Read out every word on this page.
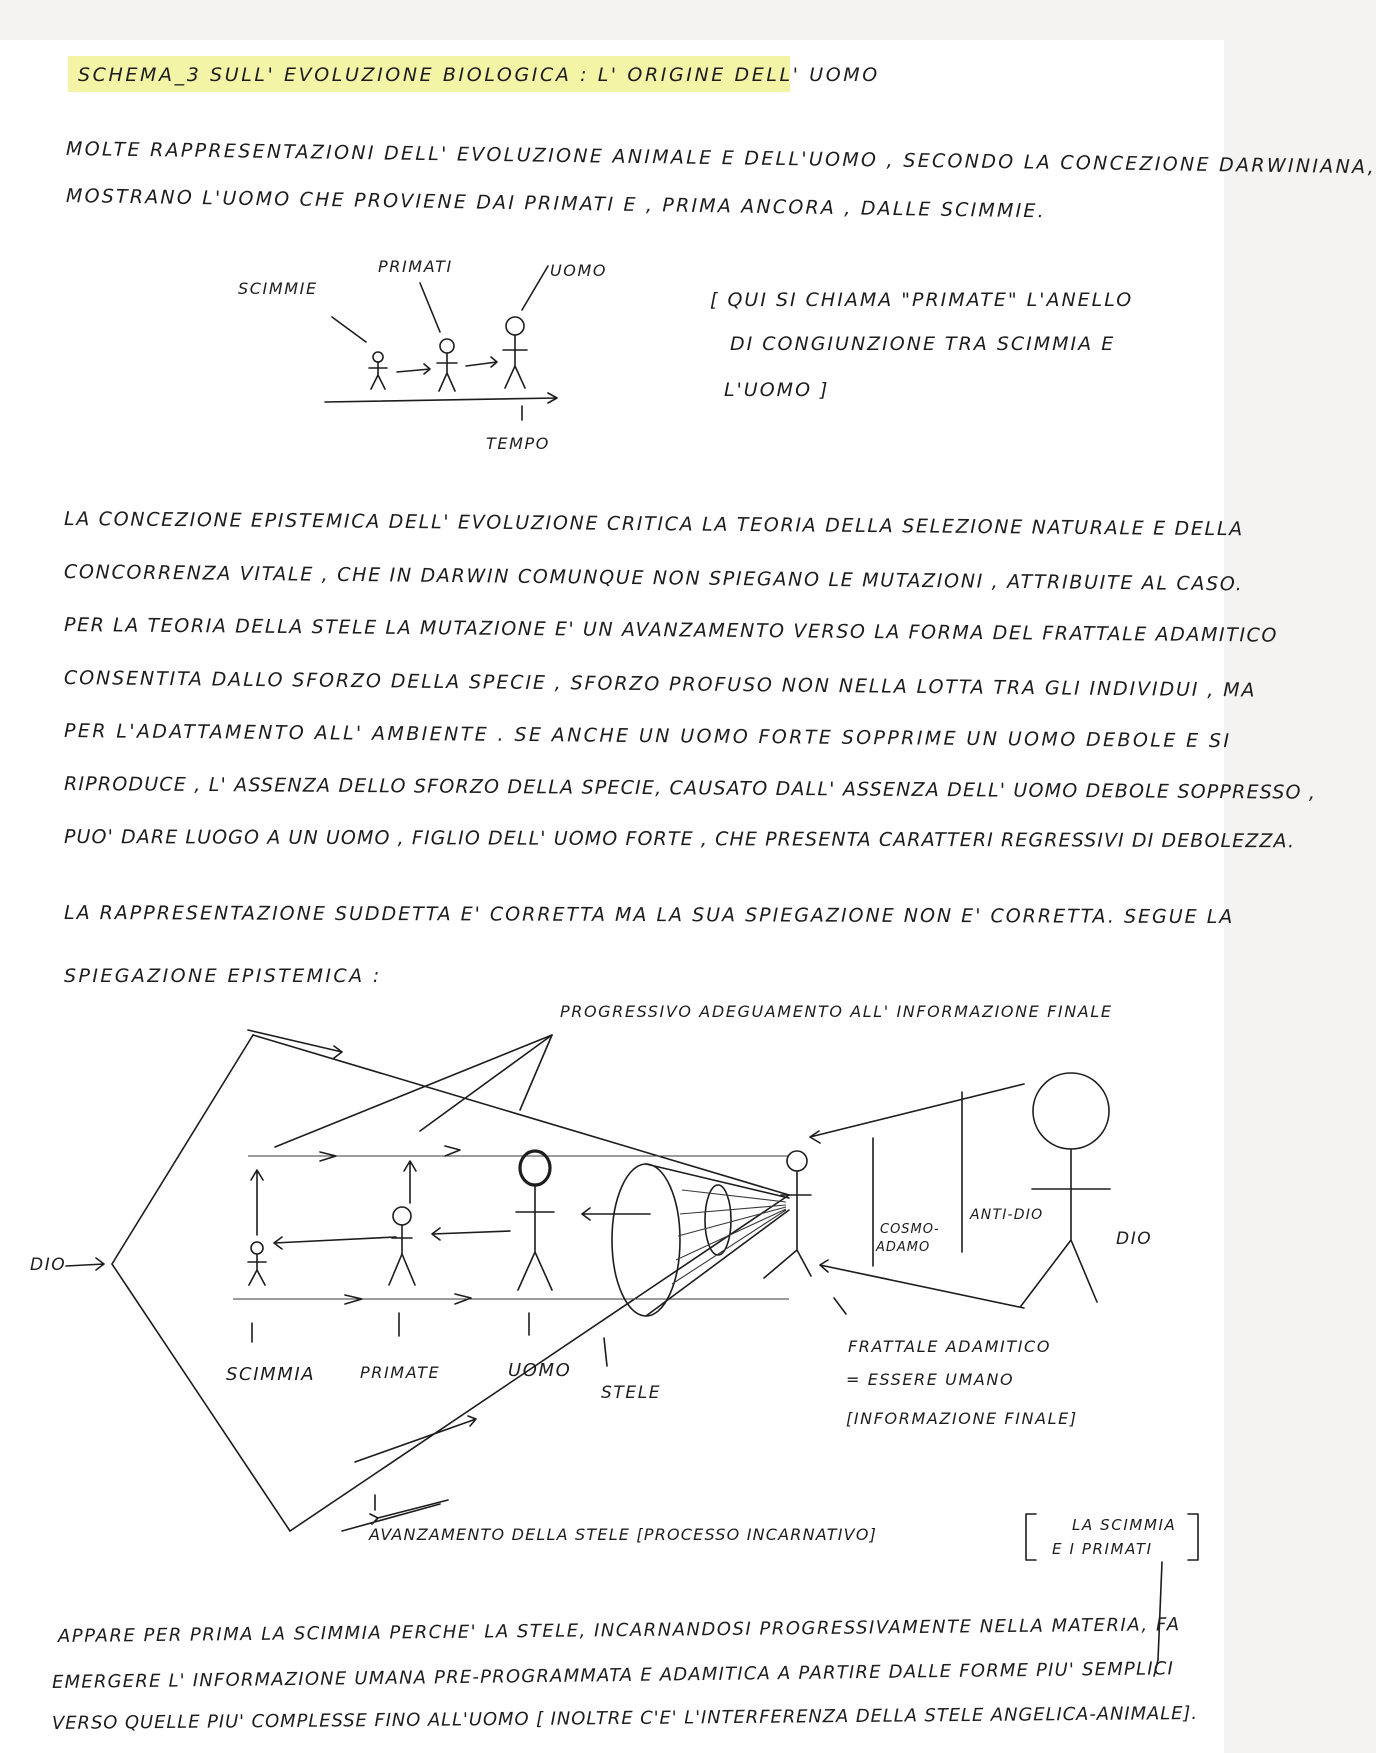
SCHEMA_3 SULL' EVOLUZIONE BIOLOGICA : L' ORIGINE DELL' UOMO

MOLTE RAPPRESENTAZIONI DELL' EVOLUZIONE ANIMALE E DELL'UOMO , SECONDO LA CONCEZIONE DARWINIANA,

MOSTRANO L'UOMO CHE PROVIENE DAI PRIMATI E , PRIMA ANCORA , DALLE SCIMMIE.

SCIMMIE
PRIMATI	UOMO
TEMPO

[ QUI SI CHIAMA "PRIMATE" L'ANELLO

DI CONGIUNZIONE TRA SCIMMIA E

L'UOMO ]

LA CONCEZIONE EPISTEMICA DELL' EVOLUZIONE CRITICA LA TEORIA DELLA SELEZIONE NATURALE E DELLA

CONCORRENZA VITALE , CHE IN DARWIN COMUNQUE NON SPIEGANO LE MUTAZIONI , ATTRIBUITE AL CASO.

PER LA TEORIA DELLA STELE LA MUTAZIONE E' UN AVANZAMENTO VERSO LA FORMA DEL FRATTALE ADAMITICO

CONSENTITA DALLO SFORZO DELLA SPECIE , SFORZO PROFUSO NON NELLA LOTTA TRA GLI INDIVIDUI , MA

PER L'ADATTAMENTO ALL' AMBIENTE . SE ANCHE UN UOMO FORTE SOPPRIME UN UOMO DEBOLE E SI

RIPRODUCE , L' ASSENZA DELLO SFORZO DELLA SPECIE, CAUSATO DALL' ASSENZA DELL' UOMO DEBOLE SOPPRESSO ,

PUO' DARE LUOGO A UN UOMO , FIGLIO DELL' UOMO FORTE , CHE PRESENTA CARATTERI REGRESSIVI DI DEBOLEZZA.

LA RAPPRESENTAZIONE SUDDETTA E' CORRETTA MA LA SUA SPIEGAZIONE NON E' CORRETTA. SEGUE LA

SPIEGAZIONE EPISTEMICA :

PROGRESSIVO ADEGUAMENTO ALL' INFORMAZIONE FINALE
DIO
COSMO-
ADAMO
ANTI-DIO
DIO
SCIMMIA	PRIMATE	UOMO
STELE
FRATTALE ADAMITICO
= ESSERE UMANO
[INFORMAZIONE FINALE]
AVANZAMENTO DELLA STELE [PROCESSO INCARNATIVO]	LA SCIMMIA
E I PRIMATI

APPARE PER PRIMA LA SCIMMIA PERCHE' LA STELE, INCARNANDOSI PROGRESSIVAMENTE NELLA MATERIA, FA

EMERGERE L' INFORMAZIONE UMANA PRE-PROGRAMMATA E ADAMITICA A PARTIRE DALLE FORME PIU' SEMPLICI

VERSO QUELLE PIU' COMPLESSE FINO ALL'UOMO [ INOLTRE C'E' L'INTERFERENZA DELLA STELE ANGELICA-ANIMALE].
